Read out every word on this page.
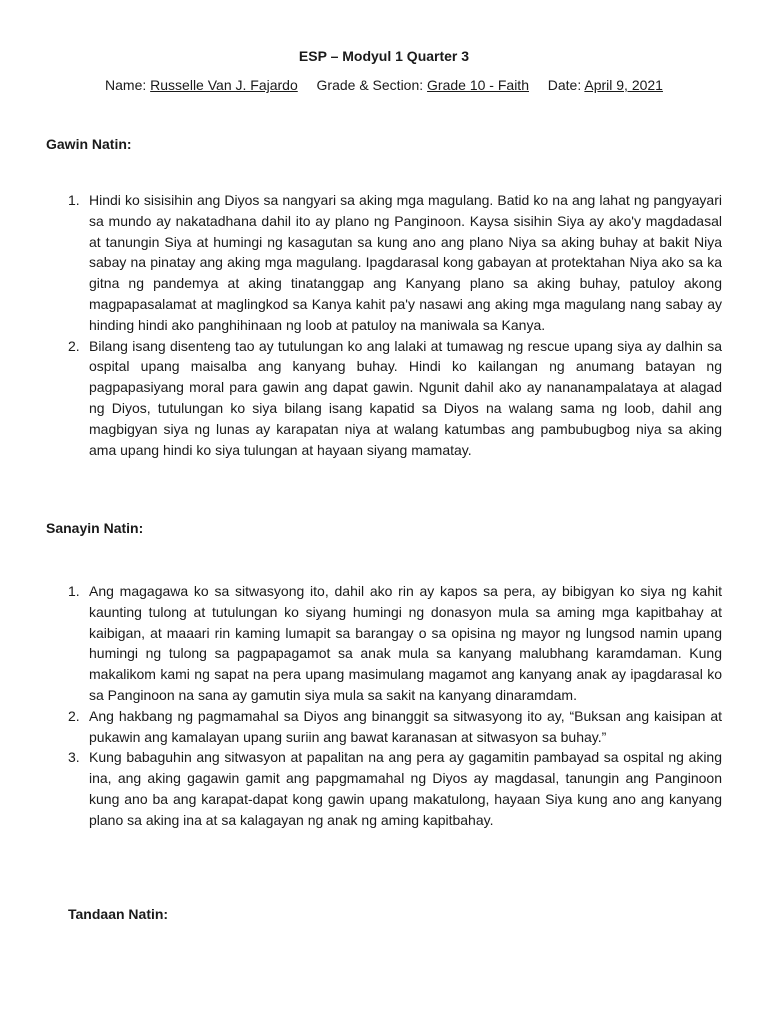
ESP – Modyul 1 Quarter 3
Name: Russelle Van J. Fajardo Grade & Section: Grade 10 - Faith Date: April 9, 2021
Gawin Natin:
1. Hindi ko sisisihin ang Diyos sa nangyari sa aking mga magulang. Batid ko na ang lahat ng pangyayari sa mundo ay nakatadhana dahil ito ay plano ng Panginoon. Kaysa sisihin Siya ay ako'y magdadasal at tanungin Siya at humingi ng kasagutan sa kung ano ang plano Niya sa aking buhay at bakit Niya sabay na pinatay ang aking mga magulang. Ipagdarasal kong gabayan at protektahan Niya ako sa ka gitna ng pandemya at aking tinatanggap ang Kanyang plano sa aking buhay, patuloy akong magpapasalamat at maglingkod sa Kanya kahit pa'y nasawi ang aking mga magulang nang sabay ay hinding hindi ako panghihinaan ng loob at patuloy na maniwala sa Kanya.
2. Bilang isang disenteng tao ay tutulungan ko ang lalaki at tumawag ng rescue upang siya ay dalhin sa ospital upang maisalba ang kanyang buhay. Hindi ko kailangan ng anumang batayan ng pagpapasiyang moral para gawin ang dapat gawin. Ngunit dahil ako ay nananampalataya at alagad ng Diyos, tutulungan ko siya bilang isang kapatid sa Diyos na walang sama ng loob, dahil ang magbigyan siya ng lunas ay karapatan niya at walang katumbas ang pambubugbog niya sa aking ama upang hindi ko siya tulungan at hayaan siyang mamatay.
Sanayin Natin:
1. Ang magagawa ko sa sitwasyong ito, dahil ako rin ay kapos sa pera, ay bibigyan ko siya ng kahit kaunting tulong at tutulungan ko siyang humingi ng donasyon mula sa aming mga kapitbahay at kaibigan, at maaari rin kaming lumapit sa barangay o sa opisina ng mayor ng lungsod namin upang humingi ng tulong sa pagpapagamot sa anak mula sa kanyang malubhang karamdaman. Kung makalikom kami ng sapat na pera upang masimulang magamot ang kanyang anak ay ipagdarasal ko sa Panginoon na sana ay gamutin siya mula sa sakit na kanyang dinaramdam.
2. Ang hakbang ng pagmamahal sa Diyos ang binanggit sa sitwasyong ito ay, “Buksan ang kaisipan at pukawin ang kamalayan upang suriin ang bawat karanasan at sitwasyon sa buhay.”
3. Kung babaguhin ang sitwasyon at papalitan na ang pera ay gagamitin pambayad sa ospital ng aking ina, ang aking gagawin gamit ang papgmamahal ng Diyos ay magdasal, tanungin ang Panginoon kung ano ba ang karapat-dapat kong gawin upang makatulong, hayaan Siya kung ano ang kanyang plano sa aking ina at sa kalagayan ng anak ng aming kapitbahay.
Tandaan Natin:
